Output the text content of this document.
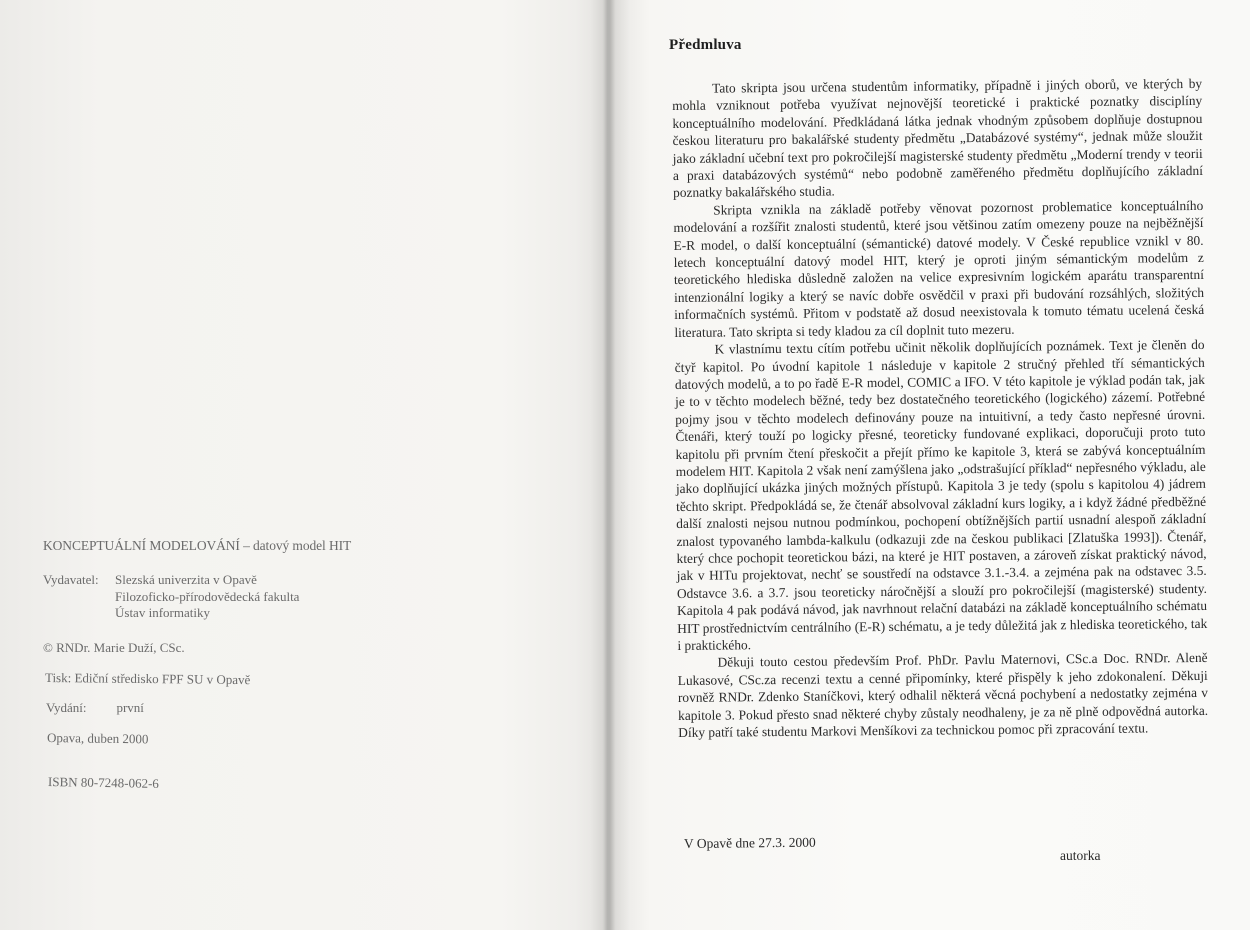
KONCEPTUÁLNÍ MODELOVÁNÍ – datový model HIT
Vydavatel: Slezská univerzita v Opavě
Filozoficko-přírodovědecká fakulta
Ústav informatiky
© RNDr. Marie Duží, CSc.
Tisk: Ediční středisko FPF SU v Opavě
Vydání: první
Opava, duben 2000
ISBN 80-7248-062-6
Předmluva

Tato skripta jsou určena studentům informatiky, případně i jiných oborů, ve kterých by mohla vzniknout potřeba využívat nejnovější teoretické i praktické poznatky disciplíny konceptuálního modelování. Předkládaná látka jednak vhodným způsobem doplňuje dostupnou českou literaturu pro bakalářské studenty předmětu „Databázové systémy“, jednak může sloužit jako základní učební text pro pokročilejší magisterské studenty předmětu „Moderní trendy v teorii a praxi databázových systémů“ nebo podobně zaměřeného předmětu doplňujícího základní poznatky bakalářského studia.

Skripta vznikla na základě potřeby věnovat pozornost problematice konceptuálního modelování a rozšířit znalosti studentů, které jsou většinou zatím omezeny pouze na nejběžnější E-R model, o další konceptuální (sémantické) datové modely. V České republice vznikl v 80. letech konceptuální datový model HIT, který je oproti jiným sémantickým modelům z teoretického hlediska důsledně založen na velice expresivním logickém aparátu transparentní intenzionální logiky a který se navíc dobře osvědčil v praxi při budování rozsáhlých, složitých informačních systémů. Přitom v podstatě až dosud neexistovala k tomuto tématu ucelená česká literatura. Tato skripta si tedy kladou za cíl doplnit tuto mezeru.

K vlastnímu textu cítím potřebu učinit několik doplňujících poznámek. Text je členěn do čtyř kapitol. Po úvodní kapitole 1 následuje v kapitole 2 stručný přehled tří sémantických datových modelů, a to po řadě E-R model, COMIC a IFO. V této kapitole je výklad podán tak, jak je to v těchto modelech běžné, tedy bez dostatečného teoretického (logického) zázemí. Potřebné pojmy jsou v těchto modelech definovány pouze na intuitivní, a tedy často nepřesné úrovni. Čtenáři, který touží po logicky přesné, teoreticky fundované explikaci, doporučuji proto tuto kapitolu při prvním čtení přeskočit a přejít přímo ke kapitole 3, která se zabývá konceptuálním modelem HIT. Kapitola 2 však není zamýšlena jako „odstrašující příklad“ nepřesného výkladu, ale jako doplňující ukázka jiných možných přístupů. Kapitola 3 je tedy (spolu s kapitolou 4) jádrem těchto skript. Předpokládá se, že čtenář absolvoval základní kurs logiky, a i když žádné předběžné další znalosti nejsou nutnou podmínkou, pochopení obtížnějších partií usnadní alespoň základní znalost typovaného lambda-kalkulu (odkazuji zde na českou publikaci [Zlatuška 1993]). Čtenář, který chce pochopit teoretickou bázi, na které je HIT postaven, a zároveň získat praktický návod, jak v HITu projektovat, nechť se soustředí na odstavce 3.1.-3.4. a zejména pak na odstavec 3.5. Odstavce 3.6. a 3.7. jsou teoreticky náročnější a slouží pro pokročilejší (magisterské) studenty. Kapitola 4 pak podává návod, jak navrhnout relační databázi na základě konceptuálního schématu HIT prostřednictvím centrálního (E-R) schématu, a je tedy důležitá jak z hlediska teoretického, tak i praktického.

Děkuji touto cestou především Prof. PhDr. Pavlu Maternovi, CSc.a Doc. RNDr. Aleně Lukasové, CSc.za recenzi textu a cenné připomínky, které přispěly k jeho zdokonalení. Děkuji rovněž RNDr. Zdenko Staníčkovi, který odhalil některá věcná pochybení a nedostatky zejména v kapitole 3. Pokud přesto snad některé chyby zůstaly neodhaleny, je za ně plně odpovědná autorka. Díky patří také studentu Markovi Menšíkovi za technickou pomoc při zpracování textu.

V Opavě dne 27.3. 2000
autorka
